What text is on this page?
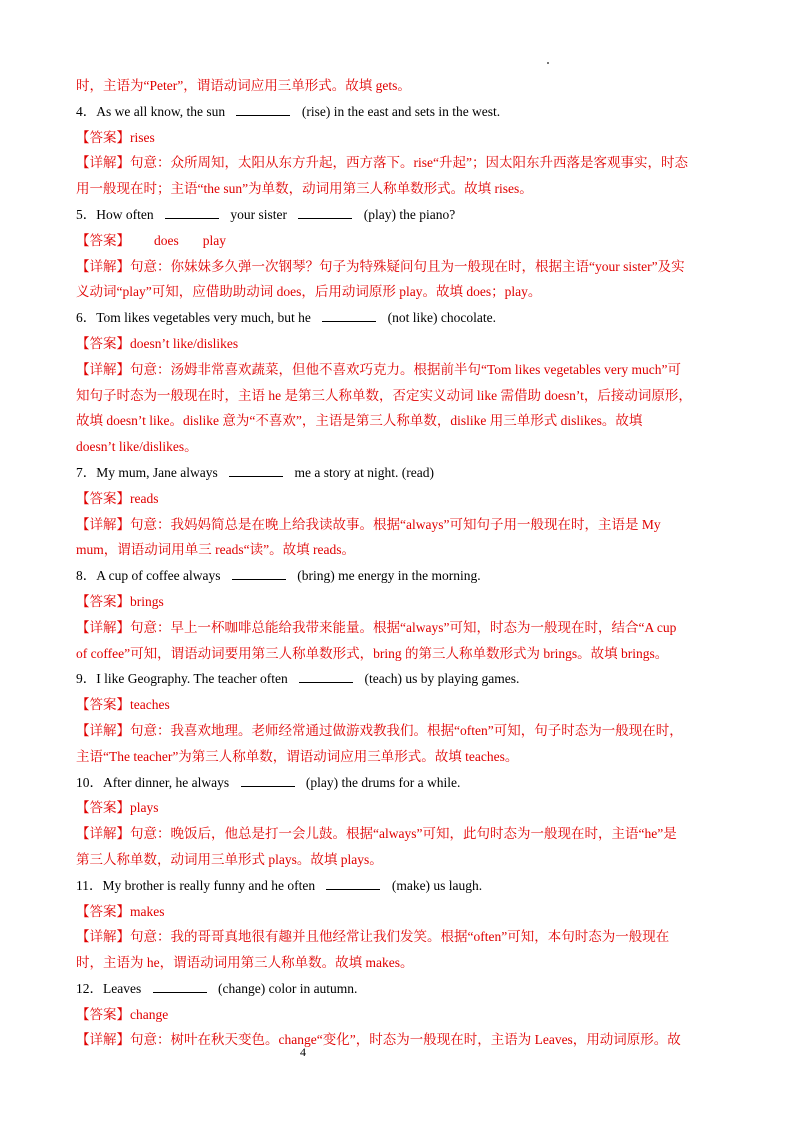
时，主语为“Peter”，谓语动词应用三单形式。故填 gets。
4．As we all know, the sun	(rise) in the east and sets in the west.
【答案】rises
【详解】句意：众所周知，太阳从东方升起，西方落下。rise“升起”；因太阳东升西落是客观事实，时态
用一般现在时；主语“the sun”为单数，动词用第三人称单数形式。故填 rises。
5．How often	your sister	(play) the piano?
【答案】 does play
【详解】句意：你妹妹多久弹一次钢琴？句子为特殊疑问句且为一般现在时，根据主语“your sister”及实
义动词“play”可知，应借助助动词 does，后用动词原形 play。故填 does；play。
6．Tom likes vegetables very much, but he	(not like) chocolate.
【答案】doesn’t like/dislikes
【详解】句意：汤姆非常喜欢蔬菜，但他不喜欢巧克力。根据前半句“Tom likes vegetables very much”可
知句子时态为一般现在时，主语 he 是第三人称单数，否定实义动词 like 需借助 doesn’t，后接动词原形，
故填 doesn’t like。dislike 意为“不喜欢”，主语是第三人称单数，dislike 用三单形式 dislikes。故填
doesn’t like/dislikes。
7．My mum, Jane always	me a story at night. (read)
【答案】reads
【详解】句意：我妈妈简总是在晚上给我读故事。根据“always”可知句子用一般现在时，主语是 My
mum，谓语动词用单三 reads“读”。故填 reads。
8．A cup of coffee always	(bring) me energy in the morning.
【答案】brings
【详解】句意：早上一杯咖啡总能给我带来能量。根据“always”可知，时态为一般现在时，结合“A cup
of coffee”可知，谓语动词要用第三人称单数形式，bring 的第三人称单数形式为 brings。故填 brings。
9．I like Geography. The teacher often	(teach) us by playing games.
【答案】teaches
【详解】句意：我喜欢地理。老师经常通过做游戏教我们。根据“often”可知，句子时态为一般现在时，
主语“The teacher”为第三人称单数，谓语动词应用三单形式。故填 teaches。
10．After dinner, he always	(play) the drums for a while.
【答案】plays
【详解】句意：晚饭后，他总是打一会儿鼓。根据“always”可知，此句时态为一般现在时，主语“he”是
第三人称单数，动词用三单形式 plays。故填 plays。
11．My brother is really funny and he often	(make) us laugh.
【答案】makes
【详解】句意：我的哥哥真地很有趣并且他经常让我们发笑。根据“often”可知，本句时态为一般现在
时，主语为 he，谓语动词用第三人称单数。故填 makes。
12．Leaves	(change) color in autumn.
【答案】change
【详解】句意：树叶在秋天变色。change“变化”，时态为一般现在时，主语为 Leaves，用动词原形。故
4
